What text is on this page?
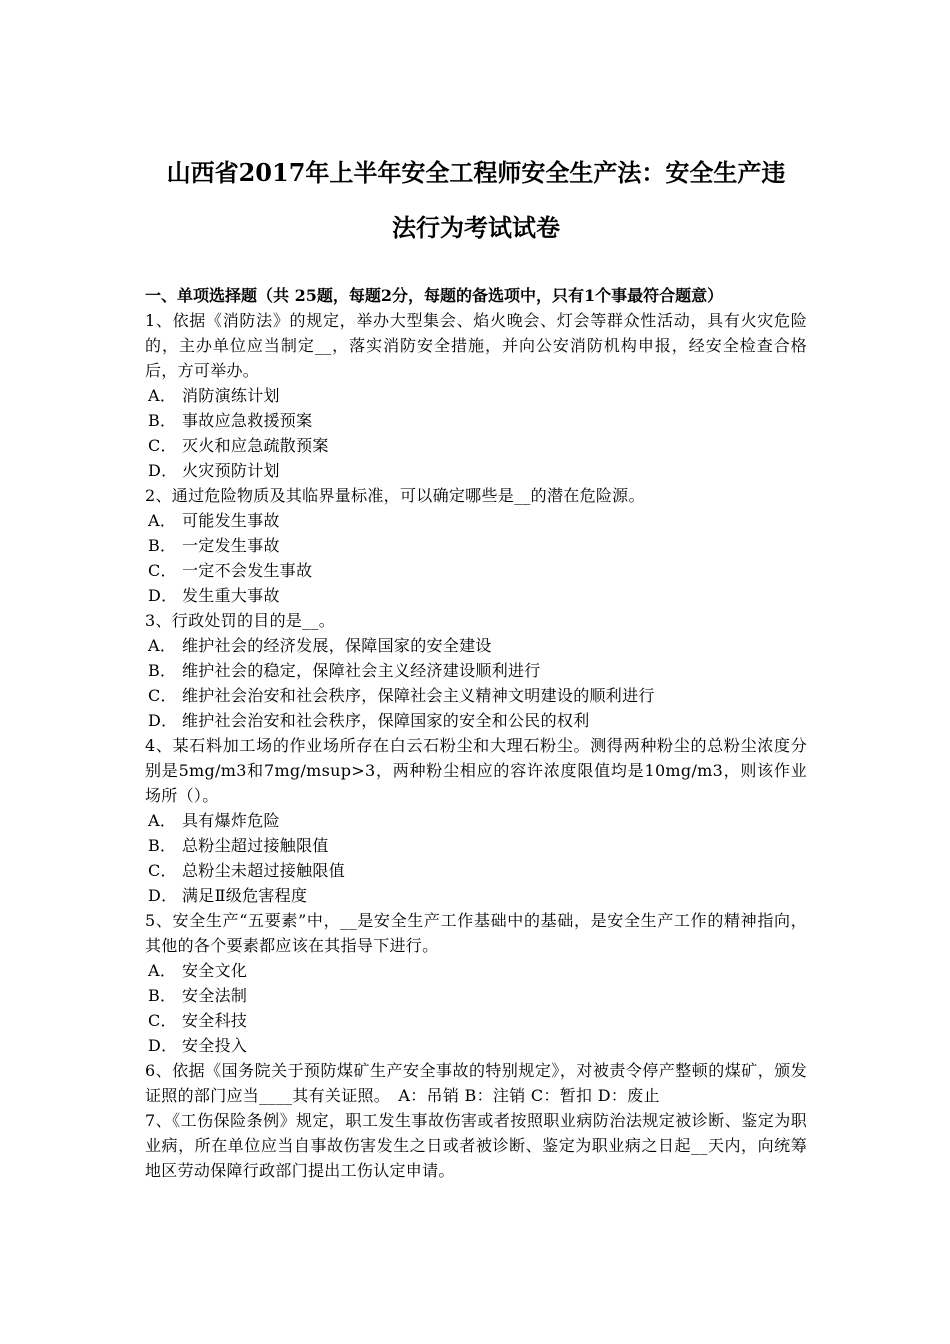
山西省2017年上半年安全工程师安全生产法：安全生产违
法行为考试试卷
一、单项选择题（共 25题，每题2分，每题的备选项中，只有1个事最符合题意）
1、依据《消防法》的规定，举办大型集会、焰火晚会、灯会等群众性活动，具有火灾危险的，主办单位应当制定__，落实消防安全措施，并向公安消防机构申报，经安全检查合格后，方可举办。
A． 消防演练计划
B． 事故应急救援预案
C． 灭火和应急疏散预案
D． 火灾预防计划
2、通过危险物质及其临界量标准，可以确定哪些是__的潜在危险源。
A． 可能发生事故
B． 一定发生事故
C． 一定不会发生事故
D． 发生重大事故
3、行政处罚的目的是__。
A． 维护社会的经济发展，保障国家的安全建设
B． 维护社会的稳定，保障社会主义经济建设顺利进行
C． 维护社会治安和社会秩序，保障社会主义精神文明建设的顺利进行
D． 维护社会治安和社会秩序，保障国家的安全和公民的权利
4、某石料加工场的作业场所存在白云石粉尘和大理石粉尘。测得两种粉尘的总粉尘浓度分别是5mg/m3和7mg/msup>3，两种粉尘相应的容许浓度限值均是10mg/m3，则该作业场所（）。
A． 具有爆炸危险
B． 总粉尘超过接触限值
C． 总粉尘未超过接触限值
D． 满足Ⅱ级危害程度
5、安全生产“五要素”中，__是安全生产工作基础中的基础，是安全生产工作的精神指向，其他的各个要素都应该在其指导下进行。
A． 安全文化
B． 安全法制
C． 安全科技
D． 安全投入
6、依据《国务院关于预防煤矿生产安全事故的特别规定》，对被责令停产整顿的煤矿，颁发证照的部门应当____其有关证照。　A：吊销 B：注销 C：暂扣 D：废止
7、《工伤保险条例》规定，职工发生事故伤害或者按照职业病防治法规定被诊断、鉴定为职业病，所在单位应当自事故伤害发生之日或者被诊断、鉴定为职业病之日起__天内，向统筹地区劳动保障行政部门提出工伤认定申请。
